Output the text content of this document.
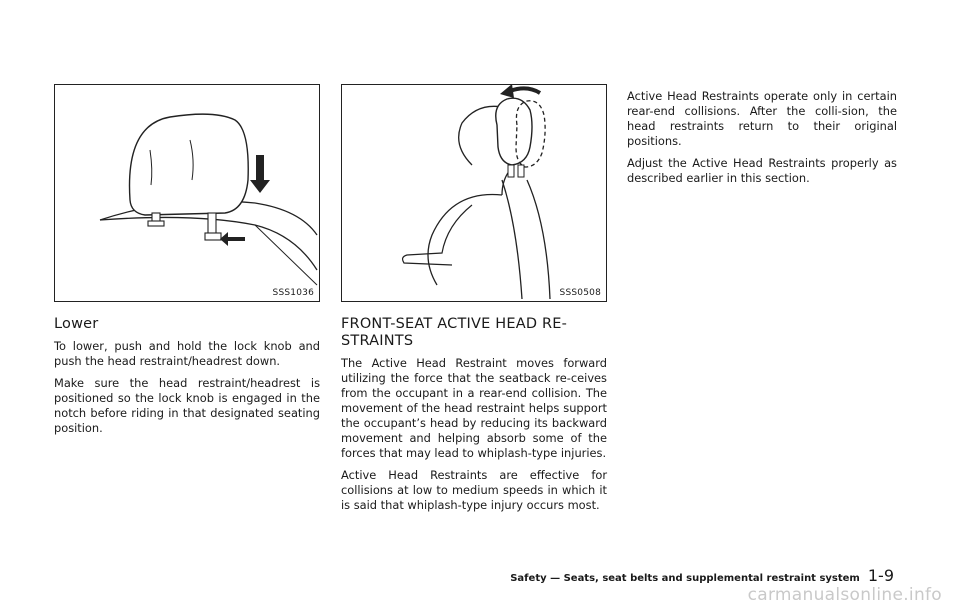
SSS1036
Lower

To lower, push and hold the lock knob and push the head restraint/headrest down.

Make sure the head restraint/headrest is positioned so the lock knob is engaged in the notch before riding in that designated seating position.

SSS0508
FRONT-SEAT ACTIVE HEAD RE-
STRAINTS

The Active Head Restraint moves forward utilizing the force that the seatback re-ceives from the occupant in a rear-end collision. The movement of the head restraint helps support the occupant’s head by reducing its backward movement and helping absorb some of the forces that may lead to whiplash-type injuries.

Active Head Restraints are effective for collisions at low to medium speeds in which it is said that whiplash-type injury occurs most.

Active Head Restraints operate only in certain rear-end collisions. After the colli-sion, the head restraints return to their original positions.

Adjust the Active Head Restraints properly as described earlier in this section.

Safety — Seats, seat belts and supplemental restraint system 1-9
carmanualsonline.info
